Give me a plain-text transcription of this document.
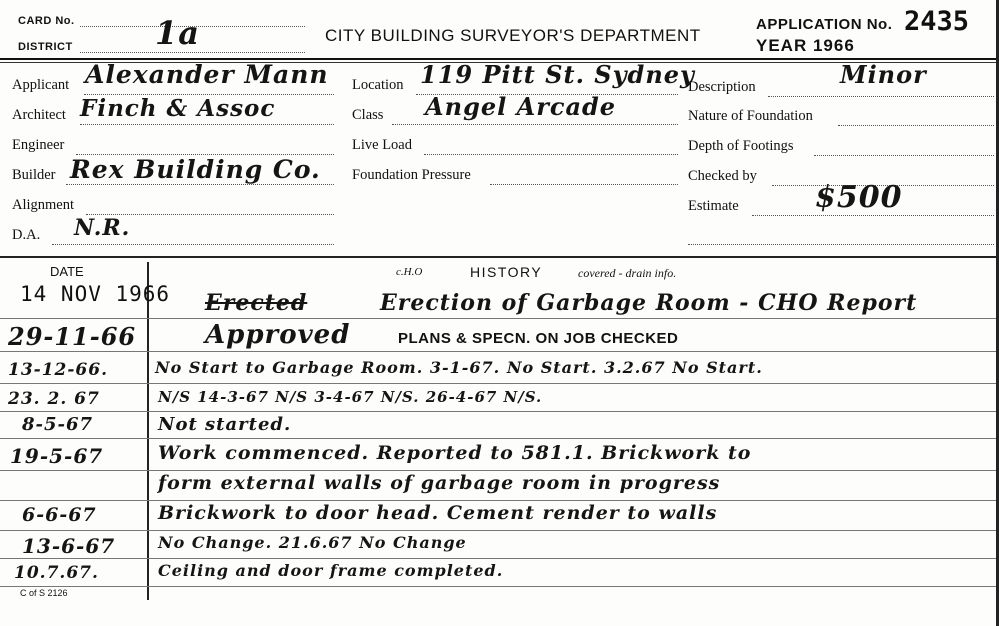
CARD No.
DISTRICT	1a	CITY BUILDING SURVEYOR'S DEPARTMENT
APPLICATION No. 2435
YEAR 1966
Applicant Alexander Mann
Architect Finch & Assoc
Engineer
Builder Rex Building Co.
Alignment
D.A. N.R.
Location 119 Pitt St. Sydney
Class Angel Arcade
Live Load
Foundation Pressure
Description	Minor
Nature of Foundation
Depth of Footings
Checked by
Estimate	$500
DATE	c.H.O	HISTORY	covered - drain info.
14 NOV 1966 Erected	Erection of Garbage Room - CHO Report
29-11-66	Approved	PLANS & SPECN. ON JOB CHECKED
13-12-66.	No Start to Garbage Room. 3-1-67. No Start. 3.2.67 No Start.
23. 2. 67	N/S 14-3-67 N/S 3-4-67 N/S. 26-4-67 N/S.
8-5-67	Not started.
19-5-67	Work commenced. Reported to 581.1. Brickwork to
form external walls of garbage room in progress
6-6-67	Brickwork to door head. Cement render to walls
13-6-67	No Change. 21.6.67 No Change
10.7.67.	Ceiling and door frame completed.
C of S 2126
